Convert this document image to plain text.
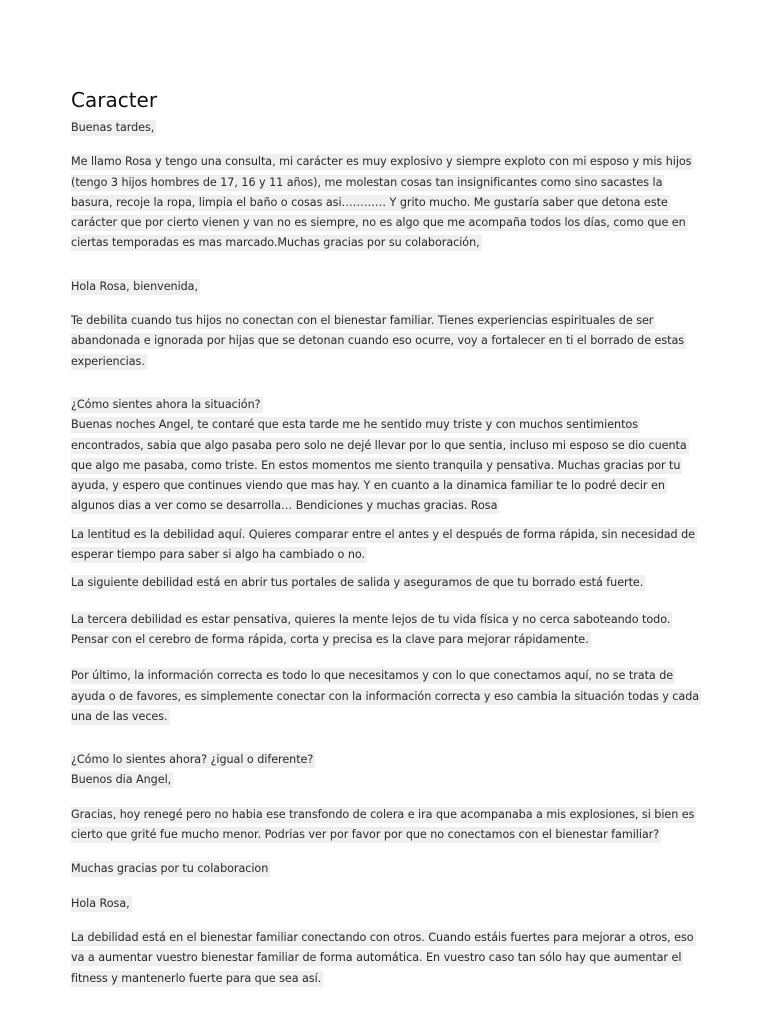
Caracter

Buenas tardes,

Me llamo Rosa y tengo una consulta, mi carácter es muy explosivo y siempre exploto con mi esposo y mis hijos (tengo 3 hijos hombres de 17, 16 y 11 años), me molestan cosas tan insignificantes como sino sacastes la basura, recoje la ropa, limpia el baño o cosas asi………… Y grito mucho. Me gustaría saber que detona este carácter que por cierto vienen y van no es siempre, no es algo que me acompaña todos los días, como que en ciertas temporadas es mas marcado.Muchas gracias por su colaboración,

Hola Rosa, bienvenida,

Te debilita cuando tus hijos no conectan con el bienestar familiar. Tienes experiencias espirituales de ser abandonada e ignorada por hijas que se detonan cuando eso ocurre, voy a fortalecer en ti el borrado de estas experiencias.

¿Cómo sientes ahora la situación?

Buenas noches Angel, te contaré que esta tarde me he sentido muy triste y con muchos sentimientos encontrados, sabia que algo pasaba pero solo ne dejé llevar por lo que sentia, incluso mi esposo se dio cuenta que algo me pasaba, como triste. En estos momentos me siento tranquila y pensativa. Muchas gracias por tu ayuda, y espero que continues viendo que mas hay. Y en cuanto a la dinamica familiar te lo podré decir en algunos dias a ver como se desarrolla… Bendiciones y muchas gracias. Rosa

La lentitud es la debilidad aquí. Quieres comparar entre el antes y el después de forma rápida, sin necesidad de esperar tiempo para saber si algo ha cambiado o no.

La siguiente debilidad está en abrir tus portales de salida y aseguramos de que tu borrado está fuerte.

La tercera debilidad es estar pensativa, quieres la mente lejos de tu vida física y no cerca saboteando todo. Pensar con el cerebro de forma rápida, corta y precisa es la clave para mejorar rápidamente.

Por último, la información correcta es todo lo que necesitamos y con lo que conectamos aquí, no se trata de ayuda o de favores, es simplemente conectar con la información correcta y eso cambia la situación todas y cada una de las veces.

¿Cómo lo sientes ahora? ¿igual o diferente?

Buenos dia Angel,

Gracias, hoy renegé pero no habia ese transfondo de colera e ira que acompanaba a mis explosiones, si bien es cierto que grité fue mucho menor. Podrias ver por favor por que no conectamos con el bienestar familiar?

Muchas gracias por tu colaboracion

Hola Rosa,

La debilidad está en el bienestar familiar conectando con otros. Cuando estáis fuertes para mejorar a otros, eso va a aumentar vuestro bienestar familiar de forma automática. En vuestro caso tan sólo hay que aumentar el fitness y mantenerlo fuerte para que sea así.
